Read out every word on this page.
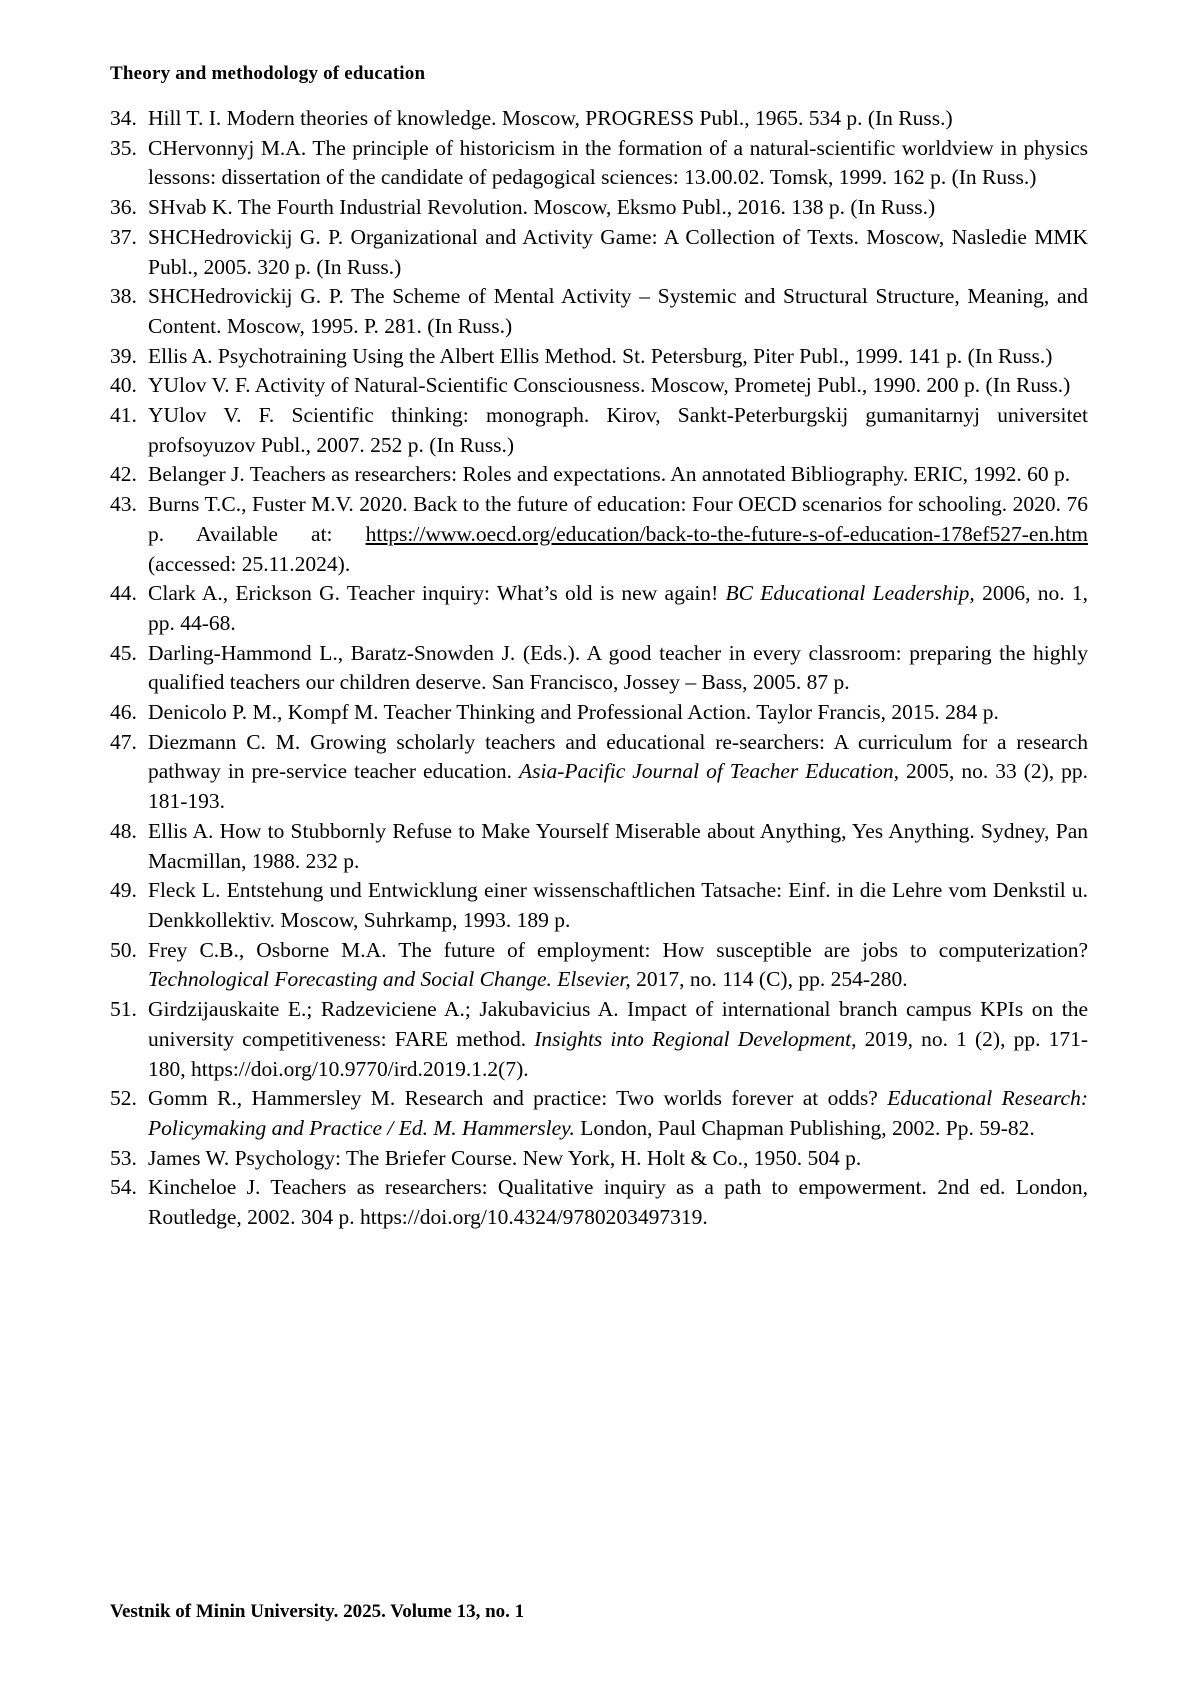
Theory and methodology of education
34. Hill T. I. Modern theories of knowledge. Moscow, PROGRESS Publ., 1965. 534 p. (In Russ.)
35. CHervonnyj M.A. The principle of historicism in the formation of a natural-scientific worldview in physics lessons: dissertation of the candidate of pedagogical sciences: 13.00.02. Tomsk, 1999. 162 p. (In Russ.)
36. SHvab K. The Fourth Industrial Revolution. Moscow, Eksmo Publ., 2016. 138 p. (In Russ.)
37. SHCHedrovickij G. P. Organizational and Activity Game: A Collection of Texts. Moscow, Nasledie MMK Publ., 2005. 320 p. (In Russ.)
38. SHCHedrovickij G. P. The Scheme of Mental Activity – Systemic and Structural Structure, Meaning, and Content. Moscow, 1995. P. 281. (In Russ.)
39. Ellis A. Psychotraining Using the Albert Ellis Method. St. Petersburg, Piter Publ., 1999. 141 p. (In Russ.)
40. YUlov V. F. Activity of Natural-Scientific Consciousness. Moscow, Prometej Publ., 1990. 200 p. (In Russ.)
41. YUlov V. F. Scientific thinking: monograph. Kirov, Sankt-Peterburgskij gumanitarnyj universitet profsoyuzov Publ., 2007. 252 p. (In Russ.)
42. Belanger J. Teachers as researchers: Roles and expectations. An annotated Bibliography. ERIC, 1992. 60 p.
43. Burns T.C., Fuster M.V. 2020. Back to the future of education: Four OECD scenarios for schooling. 2020. 76 p. Available at: https://www.oecd.org/education/back-to-the-future-s-of-education-178ef527-en.htm (accessed: 25.11.2024).
44. Clark A., Erickson G. Teacher inquiry: What’s old is new again! BC Educational Leadership, 2006, no. 1, pp. 44-68.
45. Darling-Hammond L., Baratz-Snowden J. (Eds.). A good teacher in every classroom: preparing the highly qualified teachers our children deserve. San Francisco, Jossey – Bass, 2005. 87 p.
46. Denicolo P. M., Kompf M. Teacher Thinking and Professional Action. Taylor Francis, 2015. 284 p.
47. Diezmann C. M. Growing scholarly teachers and educational re-searchers: A curriculum for a research pathway in pre-service teacher education. Asia-Pacific Journal of Teacher Education, 2005, no. 33 (2), pp. 181-193.
48. Ellis A. How to Stubbornly Refuse to Make Yourself Miserable about Anything, Yes Anything. Sydney, Pan Macmillan, 1988. 232 p.
49. Fleck L. Entstehung und Entwicklung einer wissenschaftlichen Tatsache: Einf. in die Lehre vom Denkstil u. Denkkollektiv. Moscow, Suhrkamp, 1993. 189 p.
50. Frey C.B., Osborne M.A. The future of employment: How susceptible are jobs to computerization? Technological Forecasting and Social Change. Elsevier, 2017, no. 114 (C), pp. 254-280.
51. Girdzijauskaite E.; Radzeviciene A.; Jakubavicius A. Impact of international branch campus KPIs on the university competitiveness: FARE method. Insights into Regional Development, 2019, no. 1 (2), pp. 171-180, https://doi.org/10.9770/ird.2019.1.2(7).
52. Gomm R., Hammersley M. Research and practice: Two worlds forever at odds? Educational Research: Policymaking and Practice / Ed. M. Hammersley. London, Paul Chapman Publishing, 2002. Pp. 59-82.
53. James W. Psychology: The Briefer Course. New York, H. Holt & Co., 1950. 504 p.
54. Kincheloe J. Teachers as researchers: Qualitative inquiry as a path to empowerment. 2nd ed. London, Routledge, 2002. 304 p. https://doi.org/10.4324/9780203497319.
Vestnik of Minin University. 2025. Volume 13, no. 1
